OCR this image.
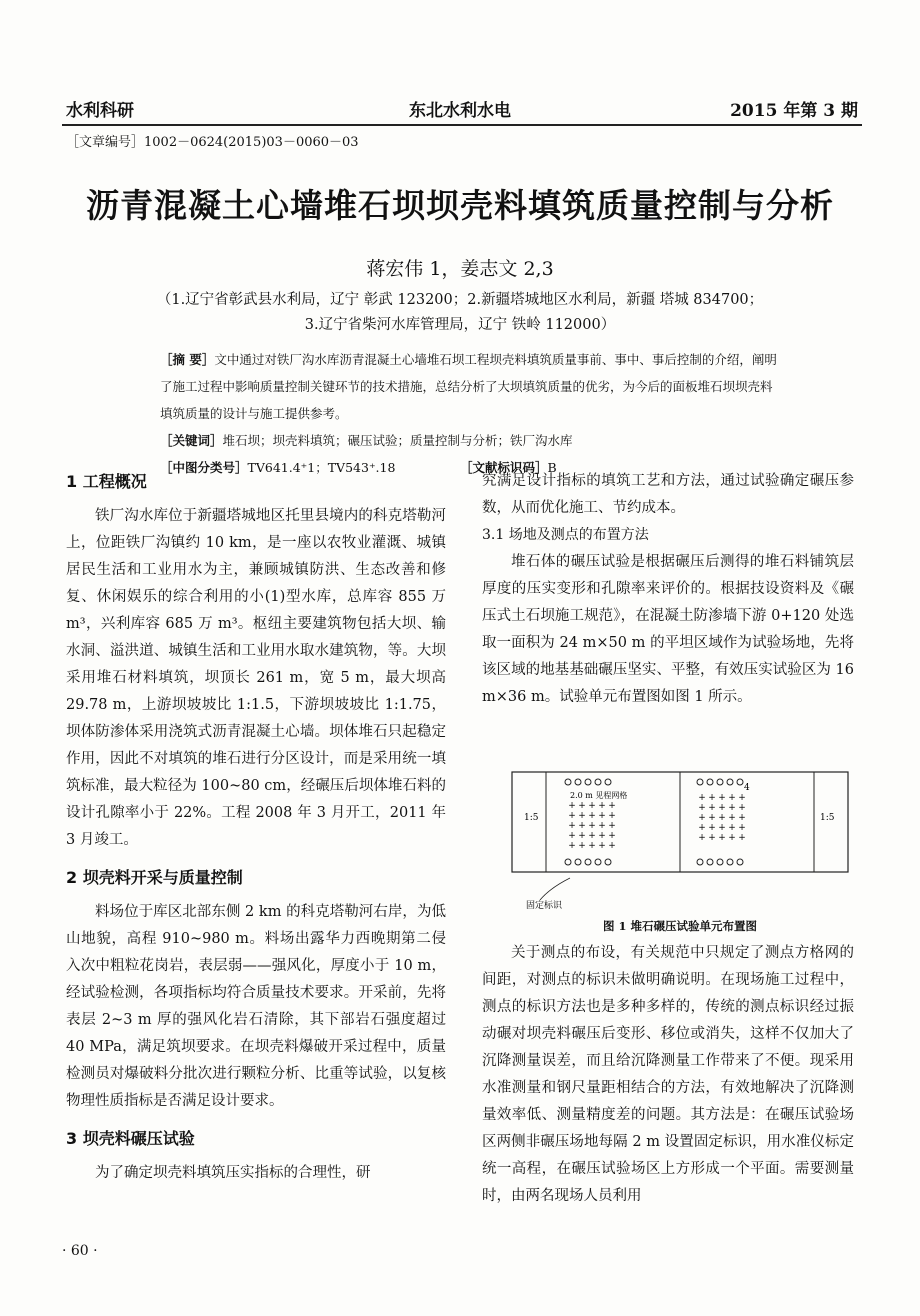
水利科研	东北水利水电	2015 年第 3 期
［文章编号］1002－0624(2015)03－0060－03
沥青混凝土心墙堆石坝坝壳料填筑质量控制与分析
蒋宏伟 1，姜志文 2,3
（1.辽宁省彰武县水利局，辽宁 彰武 123200；2.新疆塔城地区水利局，新疆 塔城 834700；
3.辽宁省柴河水库管理局，辽宁 铁岭 112000）

［摘 要］文中通过对铁厂沟水库沥青混凝土心墙堆石坝工程坝壳料填筑质量事前、事中、事后控制的介绍，阐明了施工过程中影响质量控制关键环节的技术措施，总结分析了大坝填筑质量的优劣，为今后的面板堆石坝坝壳料填筑质量的设计与施工提供参考。

［关键词］堆石坝；坝壳料填筑；碾压试验；质量控制与分析；铁厂沟水库

［中图分类号］TV641.4⁺1；TV543⁺.18	［文献标识码］B

1 工程概况

铁厂沟水库位于新疆塔城地区托里县境内的科克塔勒河上，位距铁厂沟镇约 10 km，是一座以农牧业灌溉、城镇居民生活和工业用水为主，兼顾城镇防洪、生态改善和修复、休闲娱乐的综合利用的小(1)型水库，总库容 855 万 m³，兴利库容 685 万 m³。枢纽主要建筑物包括大坝、输水洞、溢洪道、城镇生活和工业用水取水建筑物，等。大坝采用堆石材料填筑，坝顶长 261 m，宽 5 m，最大坝高 29.78 m，上游坝坡坡比 1:1.5，下游坝坡坡比 1:1.75，坝体防渗体采用浇筑式沥青混凝土心墙。坝体堆石只起稳定作用，因此不对填筑的堆石进行分区设计，而是采用统一填筑标准，最大粒径为 100~80 cm，经碾压后坝体堆石料的设计孔隙率小于 22%。工程 2008 年 3 月开工，2011 年 3 月竣工。

2 坝壳料开采与质量控制

料场位于库区北部东侧 2 km 的科克塔勒河右岸，为低山地貌，高程 910~980 m。料场出露华力西晚期第二侵入次中粗粒花岗岩，表层弱——强风化，厚度小于 10 m，经试验检测，各项指标均符合质量技术要求。开采前，先将表层 2~3 m 厚的强风化岩石清除，其下部岩石强度超过 40 MPa，满足筑坝要求。在坝壳料爆破开采过程中，质量检测员对爆破料分批次进行颗粒分析、比重等试验，以复核物理性质指标是否满足设计要求。

3 坝壳料碾压试验

为了确定坝壳料填筑压实指标的合理性，研

究满足设计指标的填筑工艺和方法，通过试验确定碾压参数，从而优化施工、节约成本。

3.1 场地及测点的布置方法

堆石体的碾压试验是根据碾压后测得的堆石料铺筑层厚度的压实变形和孔隙率来评价的。根据技设资料及《碾压式土石坝施工规范》，在混凝土防渗墙下游 0+120 处选取一面积为 24 m×50 m 的平坦区域作为试验场地，先将该区域的地基基础碾压坚实、平整，有效压实试验区为 16 m×36 m。试验单元布置图如图 1 所示。

1:5	1:5
2.0 m 见程网格
4
+ + + + +
+ + + + +
+ + + + +
+ + + + +
+ + + + +
+ + + + +
+ + + + +
+ + + + +
+ + + + +
+ + + + +
固定标识
图 1 堆石碾压试验单元布置图

关于测点的布设，有关规范中只规定了测点方格网的间距，对测点的标识未做明确说明。在现场施工过程中，测点的标识方法也是多种多样的，传统的测点标识经过振动碾对坝壳料碾压后变形、移位或消失，这样不仅加大了沉降测量误差，而且给沉降测量工作带来了不便。现采用水准测量和钢尺量距相结合的方法，有效地解决了沉降测量效率低、测量精度差的问题。其方法是：在碾压试验场区两侧非碾压场地每隔 2 m 设置固定标识，用水准仪标定统一高程，在碾压试验场区上方形成一个平面。需要测量时，由两名现场人员利用

· 60 ·
